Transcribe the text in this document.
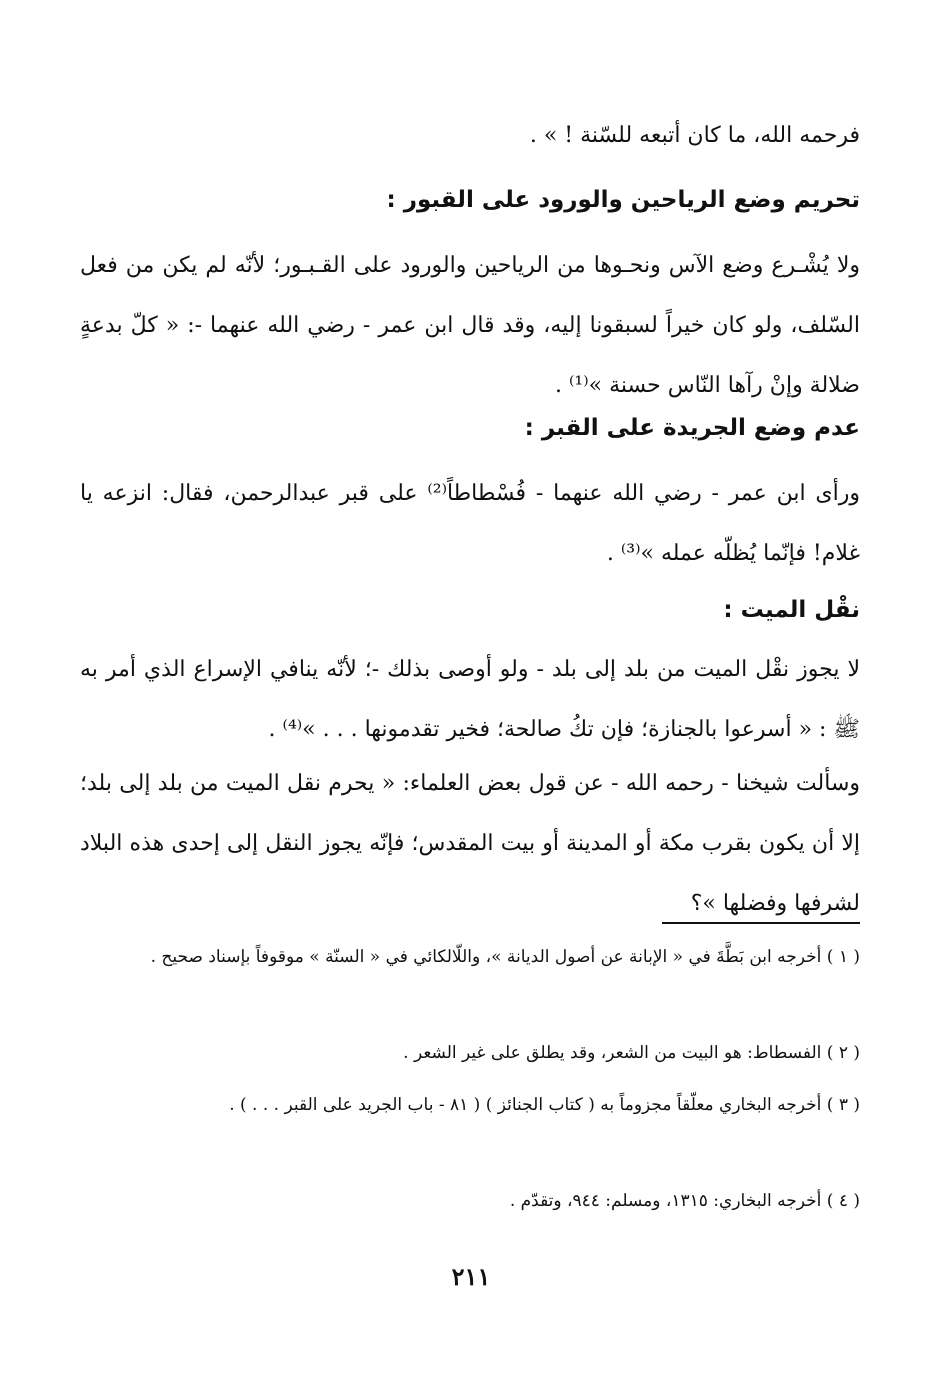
فرحمه الله، ما كان أتبعه للسّنة ! » .

تحريم وضع الرياحين والورود على القبور :

ولا يُشْـرع وضع الآس ونحـوها من الرياحين والورود على القـبـور؛ لأنّه لم يكن من فعل السّلف، ولو كان خيراً لسبقونا إليه، وقد قال ابن عمر - رضي الله عنهما -: « كلّ بدعةٍ ضلالة وإنْ رآها النّاس حسنة »⁽¹⁾ .

عدم وضع الجريدة على القبر :

ورأى ابن عمر - رضي الله عنهما - فُسْطاطاً⁽²⁾ على قبر عبدالرحمن، فقال: انزعه يا غلام! فإنّما يُظلّه عمله »⁽³⁾ .

نقْل الميت :

لا يجوز نقْل الميت من بلد إلى بلد - ولو أوصى بذلك -؛ لأنّه ينافي الإسراع الذي أمر به ﷺ : « أسرعوا بالجنازة؛ فإن تكُ صالحة؛ فخير تقدمونها . . . »⁽⁴⁾ .

وسألت شيخنا - رحمه الله - عن قول بعض العلماء: « يحرم نقل الميت من بلد إلى بلد؛ إلا أن يكون بقرب مكة أو المدينة أو بيت المقدس؛ فإنّه يجوز النقل إلى إحدى هذه البلاد لشرفها وفضلها »؟

( ١ ) أخرجه ابن بَطَّةَ في « الإبانة عن أصول الديانة »، واللّالكائي في « السنّة » موقوفاً بإسناد صحيح .

( ٢ ) الفسطاط: هو البيت من الشعر، وقد يطلق على غير الشعر .

( ٣ ) أخرجه البخاري معلّقاً مجزوماً به ( كتاب الجنائز ) ( ٨١ - باب الجريد على القبر . . . ) .

( ٤ ) أخرجه البخاري: ١٣١٥، ومسلم: ٩٤٤، وتقدّم .

٢١١
